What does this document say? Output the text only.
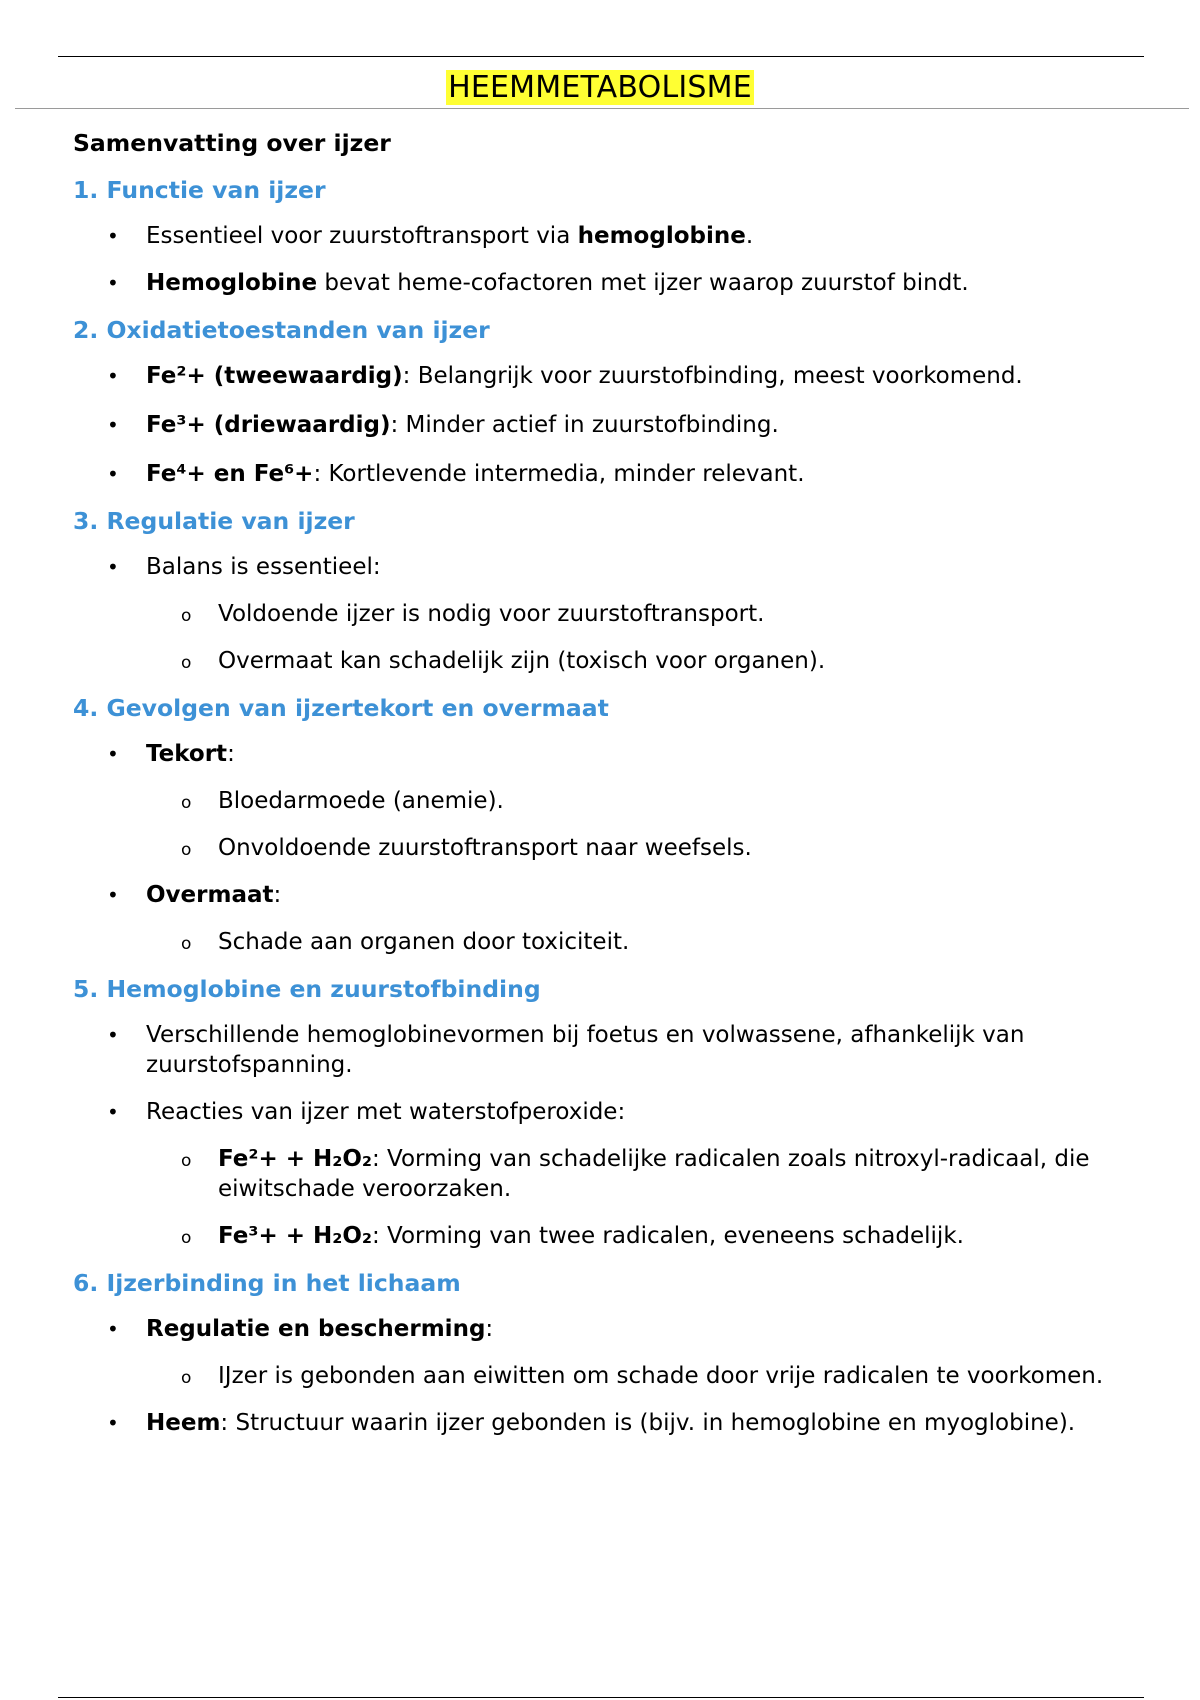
HEEMMETABOLISME
Samenvatting over ijzer
1. Functie van ijzer
• Essentieel voor zuurstoftransport via hemoglobine.
• Hemoglobine bevat heme-cofactoren met ijzer waarop zuurstof bindt.
2. Oxidatietoestanden van ijzer
• Fe²+ (tweewaardig): Belangrijk voor zuurstofbinding, meest voorkomend.
• Fe³+ (driewaardig): Minder actief in zuurstofbinding.
• Fe⁴+ en Fe⁶+: Kortlevende intermedia, minder relevant.
3. Regulatie van ijzer
• Balans is essentieel:
o Voldoende ijzer is nodig voor zuurstoftransport.
o Overmaat kan schadelijk zijn (toxisch voor organen).
4. Gevolgen van ijzertekort en overmaat
• Tekort:
o Bloedarmoede (anemie).
o Onvoldoende zuurstoftransport naar weefsels.
• Overmaat:
o Schade aan organen door toxiciteit.
5. Hemoglobine en zuurstofbinding
• Verschillende hemoglobinevormen bij foetus en volwassene, afhankelijk van zuurstofspanning.
• Reacties van ijzer met waterstofperoxide:
o Fe²+ + H₂O₂: Vorming van schadelijke radicalen zoals nitroxyl-radicaal, die eiwitschade veroorzaken.
o Fe³+ + H₂O₂: Vorming van twee radicalen, eveneens schadelijk.
6. Ijzerbinding in het lichaam
• Regulatie en bescherming:
o IJzer is gebonden aan eiwitten om schade door vrije radicalen te voorkomen.
• Heem: Structuur waarin ijzer gebonden is (bijv. in hemoglobine en myoglobine).
